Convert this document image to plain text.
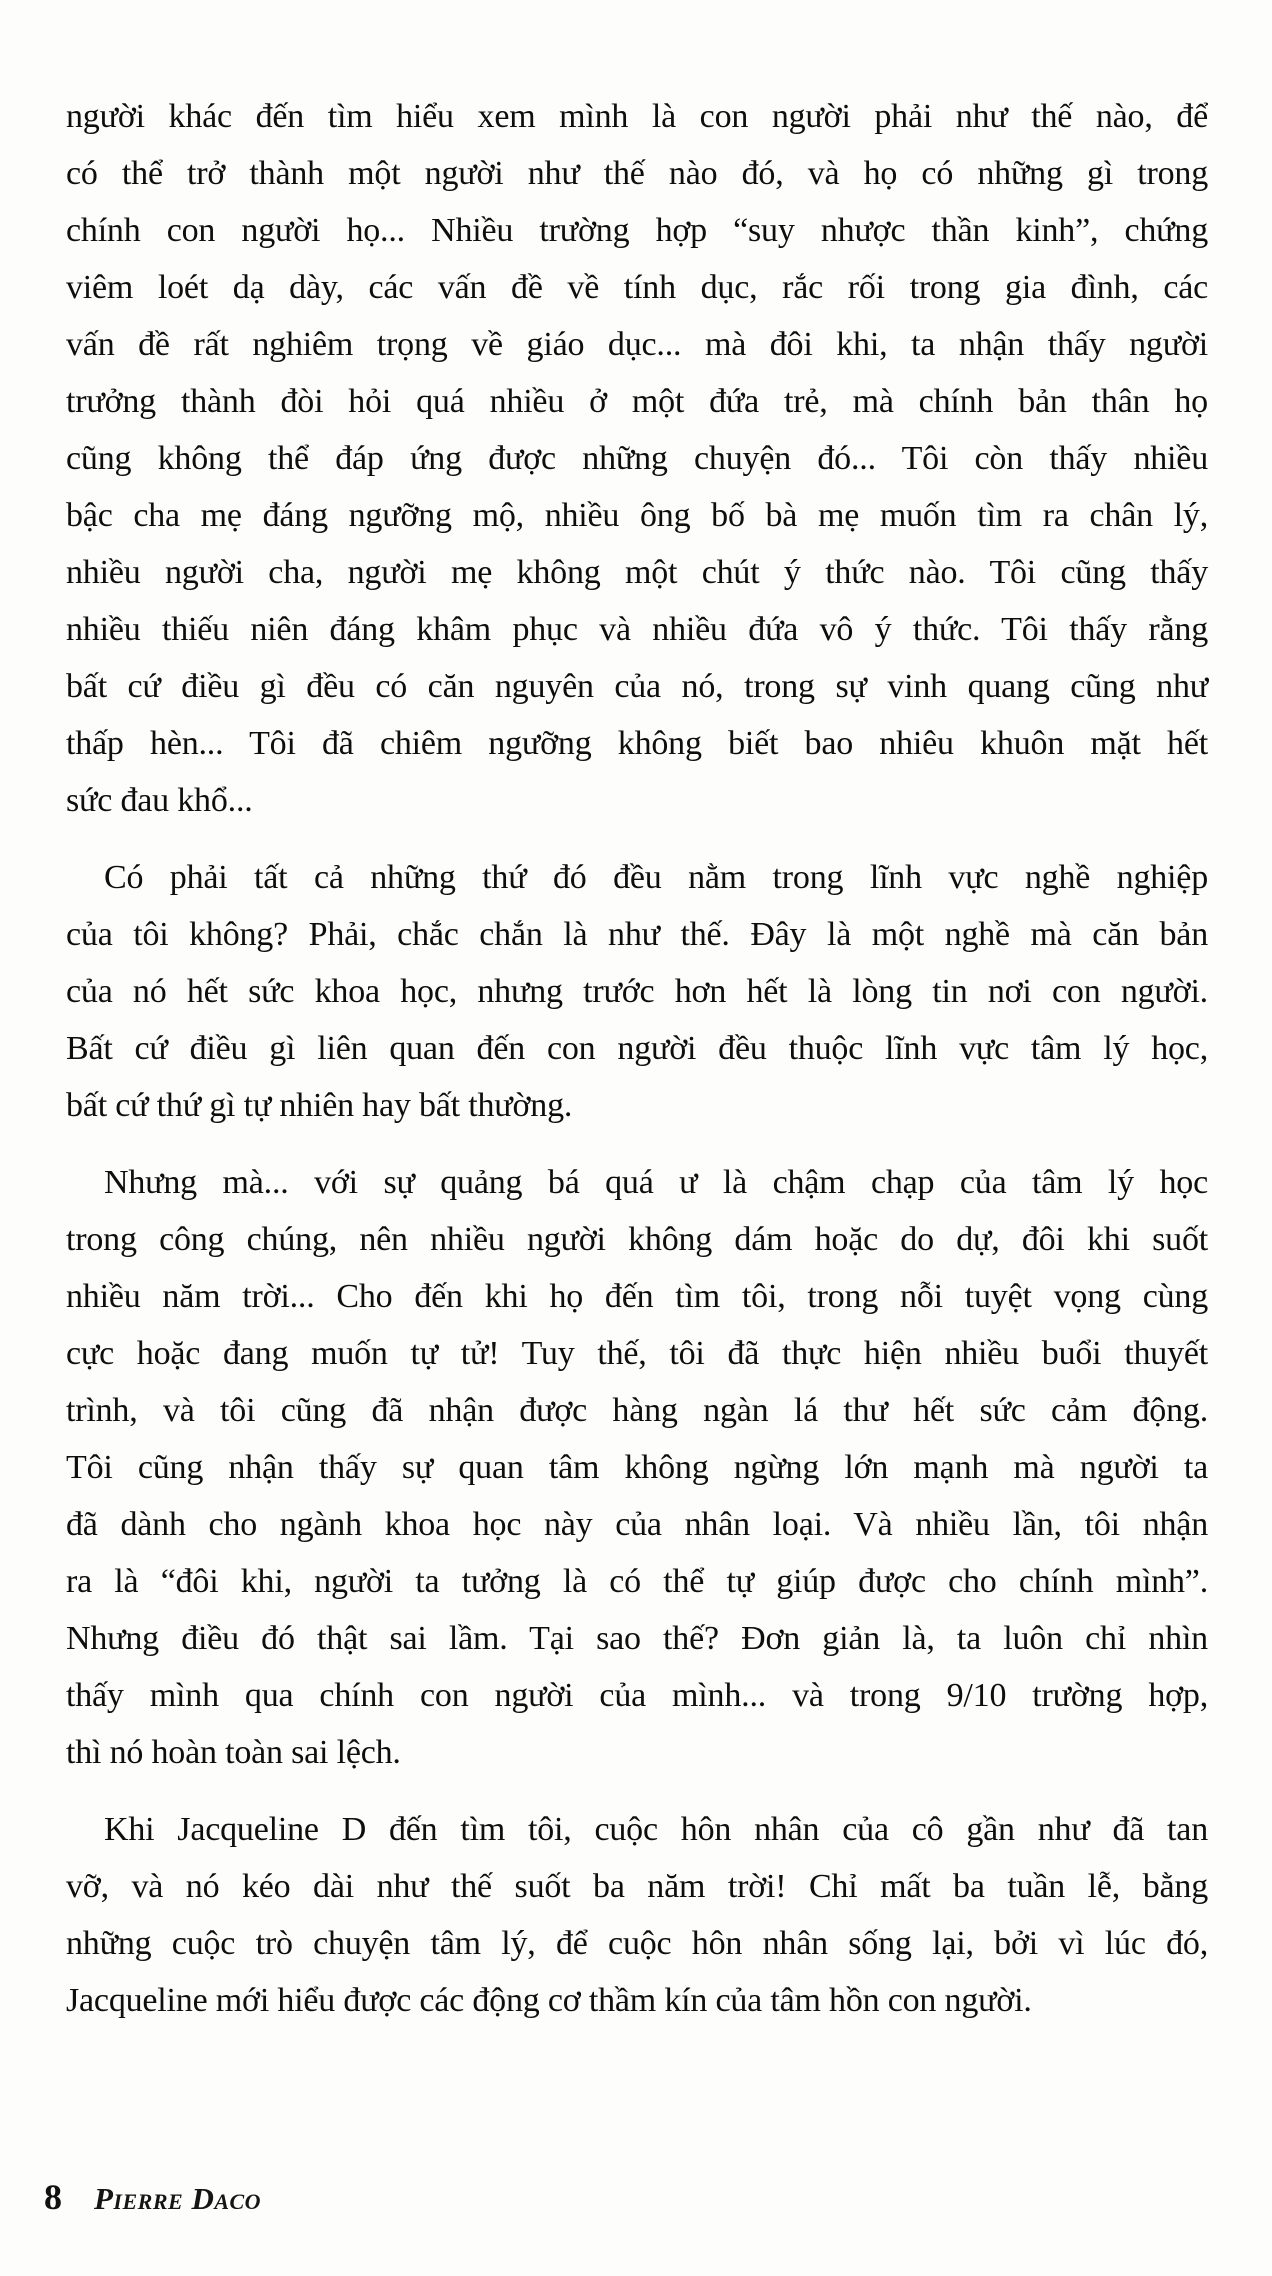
người khác đến tìm hiểu xem mình là con người phải như thế nào, để
có thể trở thành một người như thế nào đó, và họ có những gì trong
chính con người họ... Nhiều trường hợp “suy nhược thần kinh”, chứng
viêm loét dạ dày, các vấn đề về tính dục, rắc rối trong gia đình, các
vấn đề rất nghiêm trọng về giáo dục... mà đôi khi, ta nhận thấy người
trưởng thành đòi hỏi quá nhiều ở một đứa trẻ, mà chính bản thân họ
cũng không thể đáp ứng được những chuyện đó... Tôi còn thấy nhiều
bậc cha mẹ đáng ngưỡng mộ, nhiều ông bố bà mẹ muốn tìm ra chân lý,
nhiều người cha, người mẹ không một chút ý thức nào. Tôi cũng thấy
nhiều thiếu niên đáng khâm phục và nhiều đứa vô ý thức. Tôi thấy rằng
bất cứ điều gì đều có căn nguyên của nó, trong sự vinh quang cũng như
thấp hèn... Tôi đã chiêm ngưỡng không biết bao nhiêu khuôn mặt hết
sức đau khổ...
Có phải tất cả những thứ đó đều nằm trong lĩnh vực nghề nghiệp
của tôi không? Phải, chắc chắn là như thế. Đây là một nghề mà căn bản
của nó hết sức khoa học, nhưng trước hơn hết là lòng tin nơi con người.
Bất cứ điều gì liên quan đến con người đều thuộc lĩnh vực tâm lý học,
bất cứ thứ gì tự nhiên hay bất thường.
Nhưng mà... với sự quảng bá quá ư là chậm chạp của tâm lý học
trong công chúng, nên nhiều người không dám hoặc do dự, đôi khi suốt
nhiều năm trời... Cho đến khi họ đến tìm tôi, trong nỗi tuyệt vọng cùng
cực hoặc đang muốn tự tử! Tuy thế, tôi đã thực hiện nhiều buổi thuyết
trình, và tôi cũng đã nhận được hàng ngàn lá thư hết sức cảm động.
Tôi cũng nhận thấy sự quan tâm không ngừng lớn mạnh mà người ta
đã dành cho ngành khoa học này của nhân loại. Và nhiều lần, tôi nhận
ra là “đôi khi, người ta tưởng là có thể tự giúp được cho chính mình”.
Nhưng điều đó thật sai lầm. Tại sao thế? Đơn giản là, ta luôn chỉ nhìn
thấy mình qua chính con người của mình... và trong 9/10 trường hợp,
thì nó hoàn toàn sai lệch.
Khi Jacqueline D đến tìm tôi, cuộc hôn nhân của cô gần như đã tan
vỡ, và nó kéo dài như thế suốt ba năm trời! Chỉ mất ba tuần lễ, bằng
những cuộc trò chuyện tâm lý, để cuộc hôn nhân sống lại, bởi vì lúc đó,
Jacqueline mới hiểu được các động cơ thầm kín của tâm hồn con người.
8 Pierre Daco
